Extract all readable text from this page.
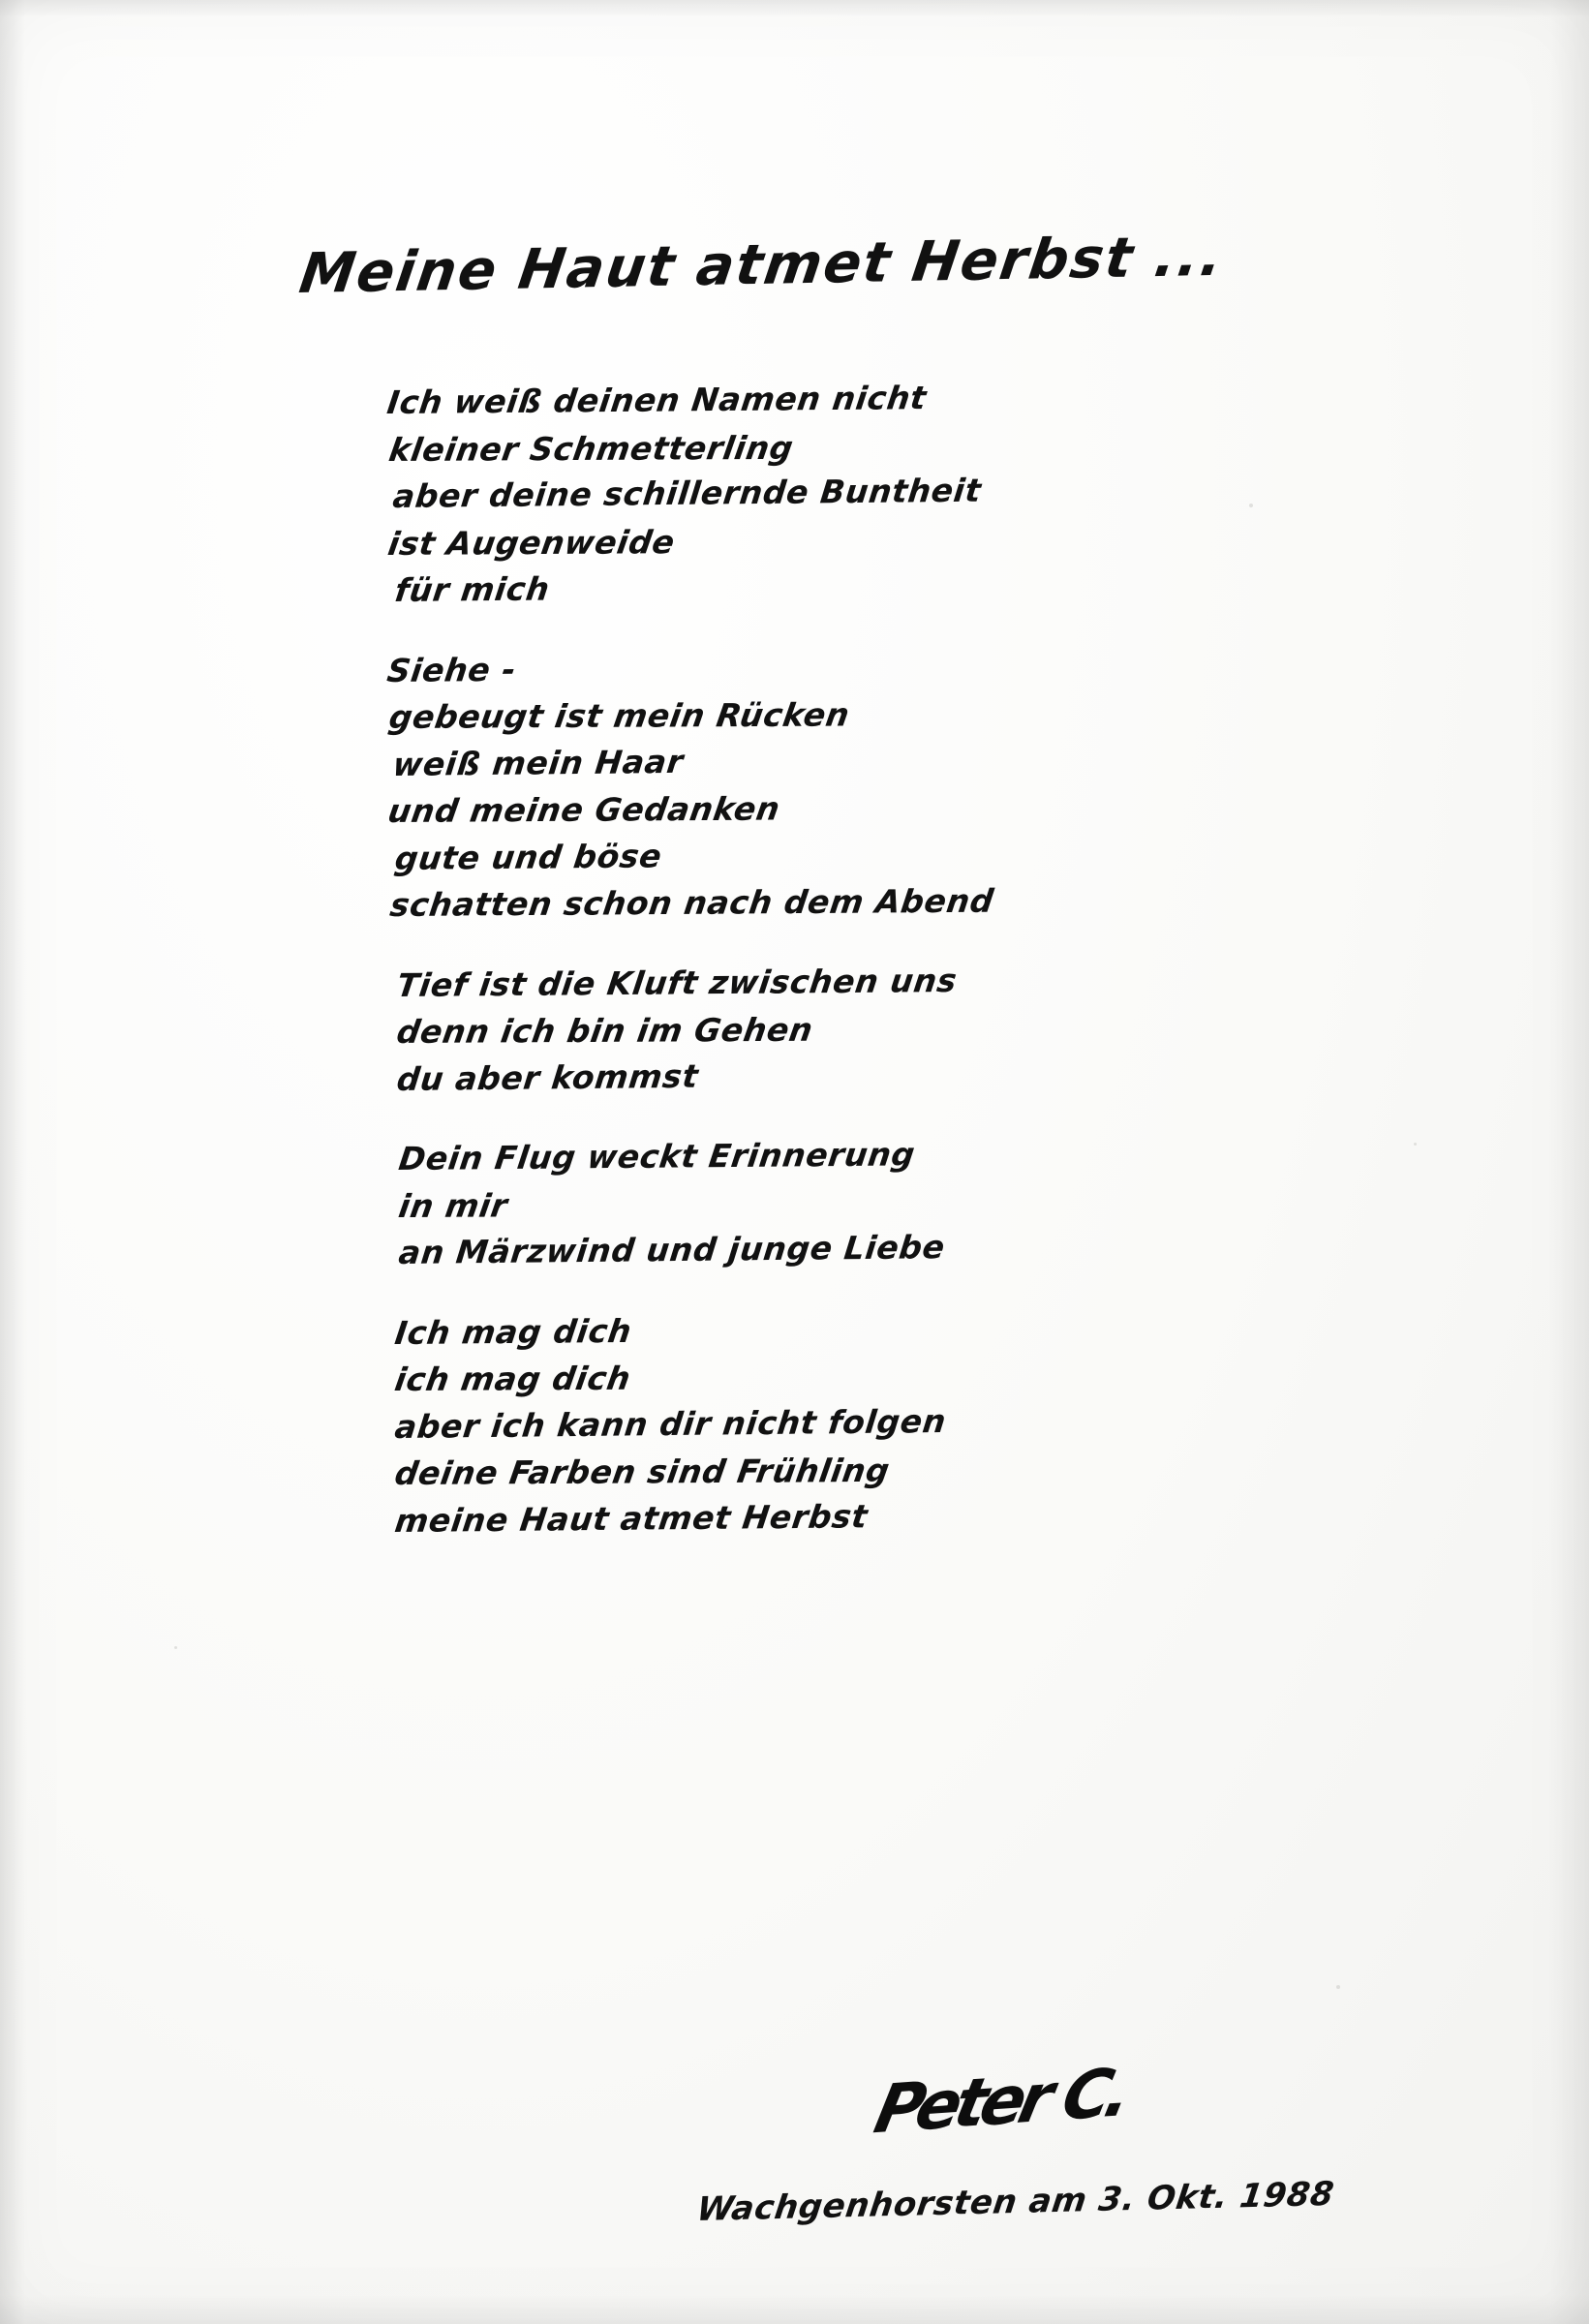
Meine Haut atmet Herbst ...
Ich weiß deinen Namen nicht
kleiner Schmetterling
aber deine schillernde Buntheit
ist Augenweide
für mich
Siehe -
gebeugt ist mein Rücken
weiß mein Haar
und meine Gedanken
gute und böse
schatten schon nach dem Abend
Tief ist die Kluft zwischen uns
denn ich bin im Gehen
du aber kommst
Dein Flug weckt Erinnerung
in mir
an Märzwind und junge Liebe
Ich mag dich
ich mag dich
aber ich kann dir nicht folgen
deine Farben sind Frühling
meine Haut atmet Herbst
Peter C.
Wachgenhorsten am 3. Okt. 1988
